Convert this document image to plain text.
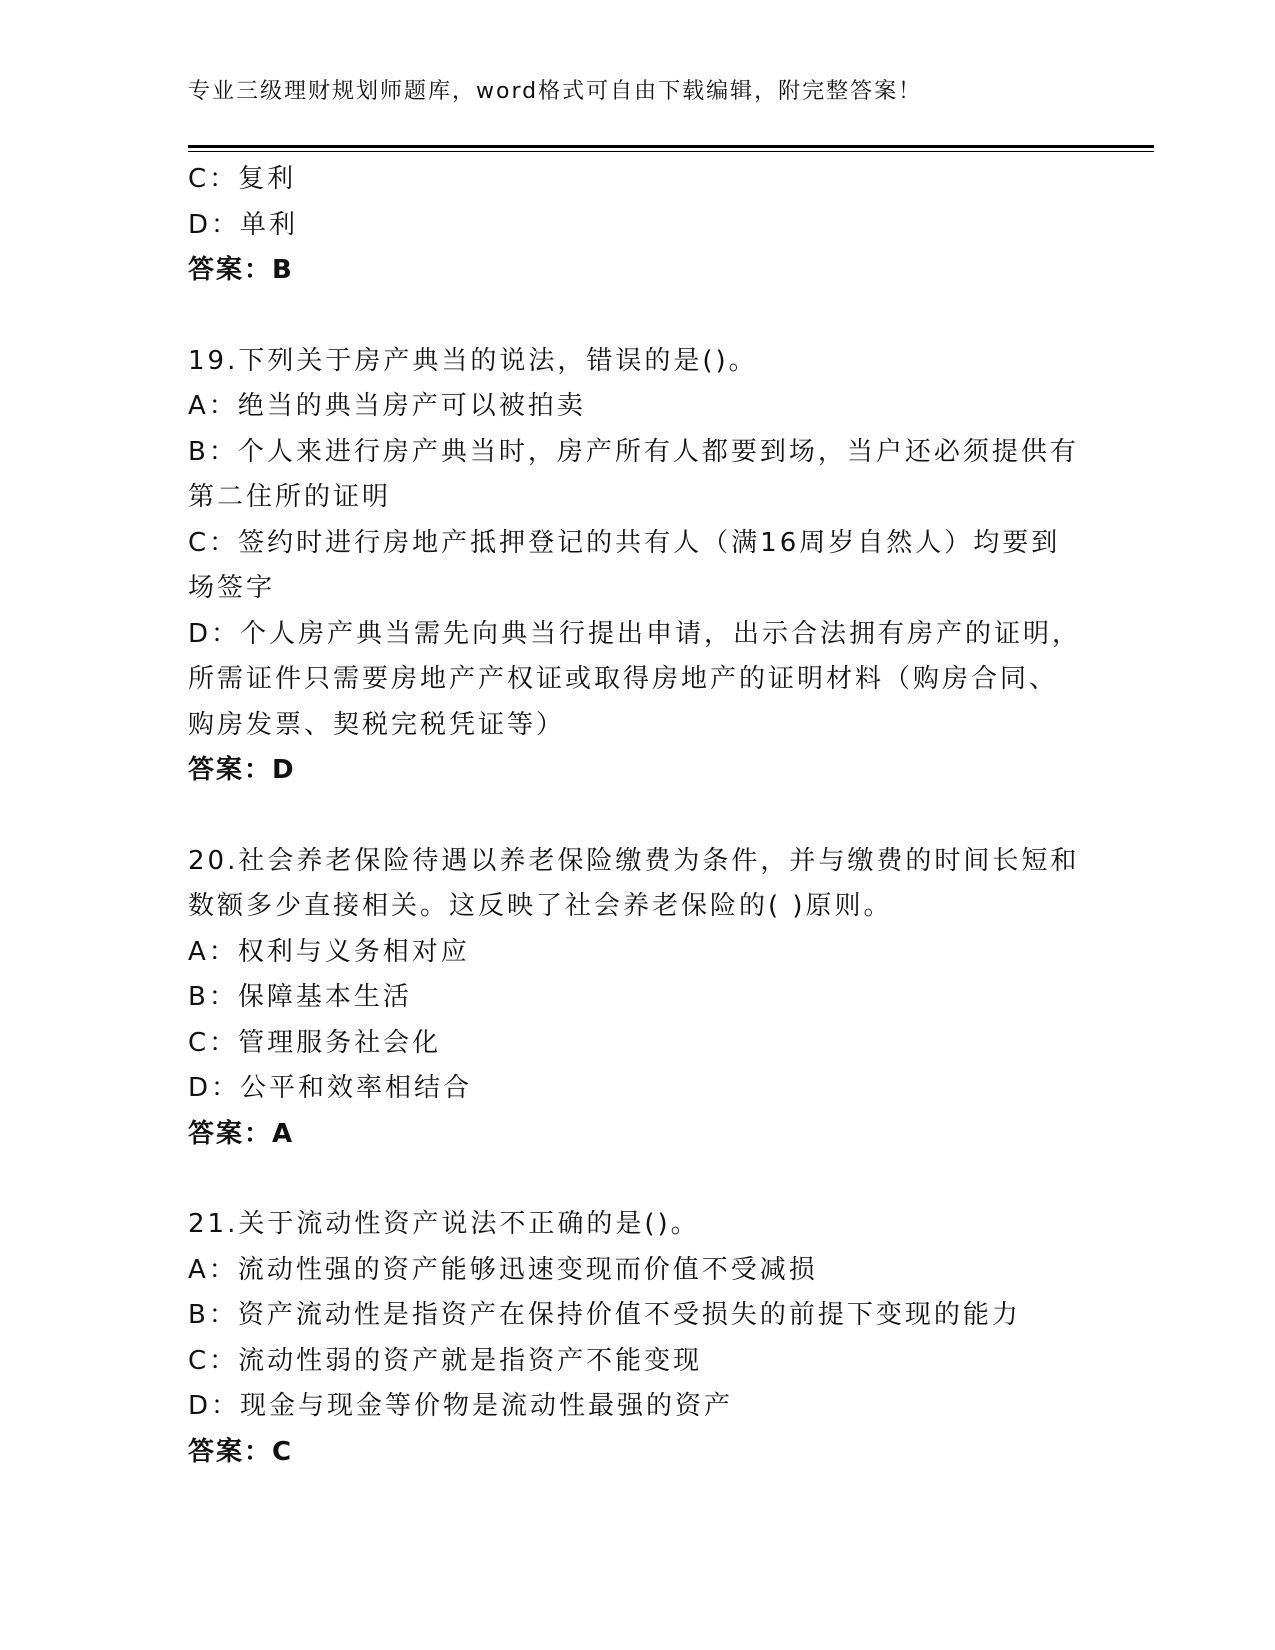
专业三级理财规划师题库，word格式可自由下载编辑，附完整答案！
C：复利
D：单利
答案：B
19.下列关于房产典当的说法，错误的是()。
A：绝当的典当房产可以被拍卖
B：个人来进行房产典当时，房产所有人都要到场，当户还必须提供有
第二住所的证明
C：签约时进行房地产抵押登记的共有人（满16周岁自然人）均要到
场签字
D：个人房产典当需先向典当行提出申请，出示合法拥有房产的证明，
所需证件只需要房地产产权证或取得房地产的证明材料（购房合同、
购房发票、契税完税凭证等）
答案：D
20.社会养老保险待遇以养老保险缴费为条件，并与缴费的时间长短和
数额多少直接相关。这反映了社会养老保险的( )原则。
A：权利与义务相对应
B：保障基本生活
C：管理服务社会化
D：公平和效率相结合
答案：A
21.关于流动性资产说法不正确的是()。
A：流动性强的资产能够迅速变现而价值不受减损
B：资产流动性是指资产在保持价值不受损失的前提下变现的能力
C：流动性弱的资产就是指资产不能变现
D：现金与现金等价物是流动性最强的资产
答案：C
